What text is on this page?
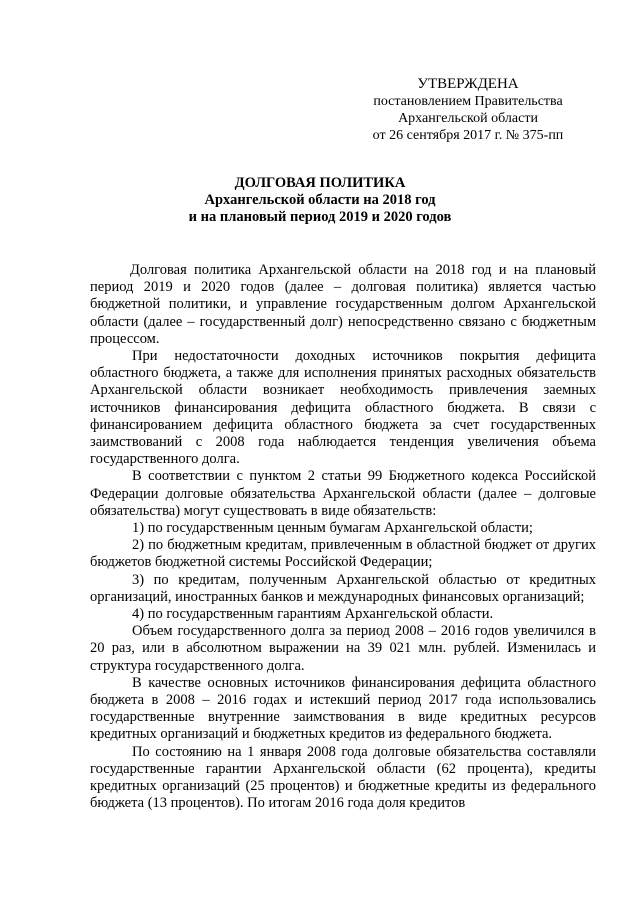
УТВЕРЖДЕНА
постановлением Правительства
Архангельской области
от 26 сентября 2017 г. № 375-пп
ДОЛГОВАЯ ПОЛИТИКА
Архангельской области на 2018 год
и на плановый период 2019 и 2020 годов

Долговая политика Архангельской области на 2018 год и на плановый период 2019 и 2020 годов (далее – долговая политика) является частью бюджетной политики, и управление государственным долгом Архангельской области (далее – государственный долг) непосредственно связано с бюджетным процессом.

При недостаточности доходных источников покрытия дефицита областного бюджета, а также для исполнения принятых расходных обязательств Архангельской области возникает необходимость привлечения заемных источников финансирования дефицита областного бюджета. В связи с финансированием дефицита областного бюджета за счет государственных заимствований с 2008 года наблюдается тенденция увеличения объема государственного долга.

В соответствии с пунктом 2 статьи 99 Бюджетного кодекса Российской Федерации долговые обязательства Архангельской области (далее – долговые обязательства) могут существовать в виде обязательств:

1) по государственным ценным бумагам Архангельской области;

2) по бюджетным кредитам, привлеченным в областной бюджет от других бюджетов бюджетной системы Российской Федерации;

3) по кредитам, полученным Архангельской областью от кредитных организаций, иностранных банков и международных финансовых организаций;

4) по государственным гарантиям Архангельской области.

Объем государственного долга за период 2008 – 2016 годов увеличился в 20 раз, или в абсолютном выражении на 39 021 млн. рублей. Изменилась и структура государственного долга.

В качестве основных источников финансирования дефицита областного бюджета в 2008 – 2016 годах и истекший период 2017 года использовались государственные внутренние заимствования в виде кредитных ресурсов кредитных организаций и бюджетных кредитов из федерального бюджета.

По состоянию на 1 января 2008 года долговые обязательства составляли государственные гарантии Архангельской области (62 процента), кредиты кредитных организаций (25 процентов) и бюджетные кредиты из федерального бюджета (13 процентов). По итогам 2016 года доля кредитов
